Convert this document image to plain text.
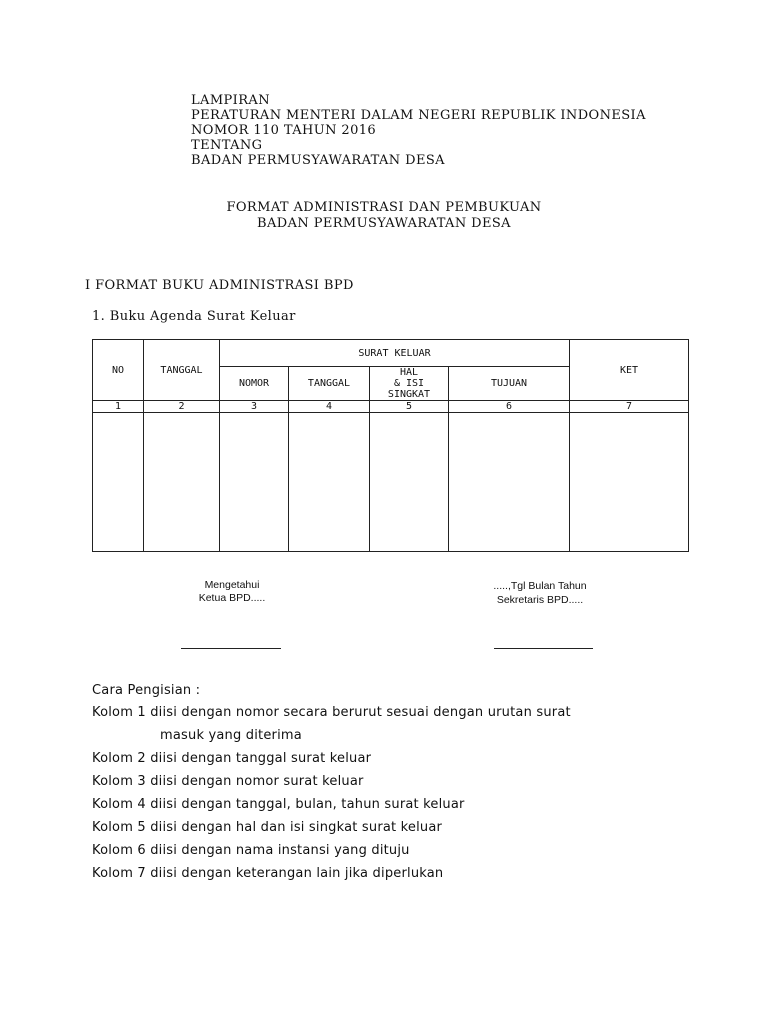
LAMPIRAN
PERATURAN MENTERI DALAM NEGERI REPUBLIK INDONESIA
NOMOR 110 TAHUN 2016
TENTANG
BADAN PERMUSYAWARATAN DESA
FORMAT ADMINISTRASI DAN PEMBUKUAN
BADAN PERMUSYAWARATAN DESA
I FORMAT BUKU ADMINISTRASI BPD
1. Buku Agenda Surat Keluar
NO	TANGGAL	SURAT KELUAR				KET
		NOMOR	TANGGAL	HAL
& ISI
SINGKAT	TUJUAN	
1	2	3	4	5	6	7

Mengetahui
Ketua BPD.....
.....,Tgl Bulan Tahun
Sekretaris BPD.....
Cara Pengisian :
Kolom 1 diisi dengan nomor secara berurut sesuai dengan urutan surat
masuk yang diterima
Kolom 2 diisi dengan tanggal surat keluar
Kolom 3 diisi dengan nomor surat keluar
Kolom 4 diisi dengan tanggal, bulan, tahun surat keluar
Kolom 5 diisi dengan hal dan isi singkat surat keluar
Kolom 6 diisi dengan nama instansi yang dituju
Kolom 7 diisi dengan keterangan lain jika diperlukan
